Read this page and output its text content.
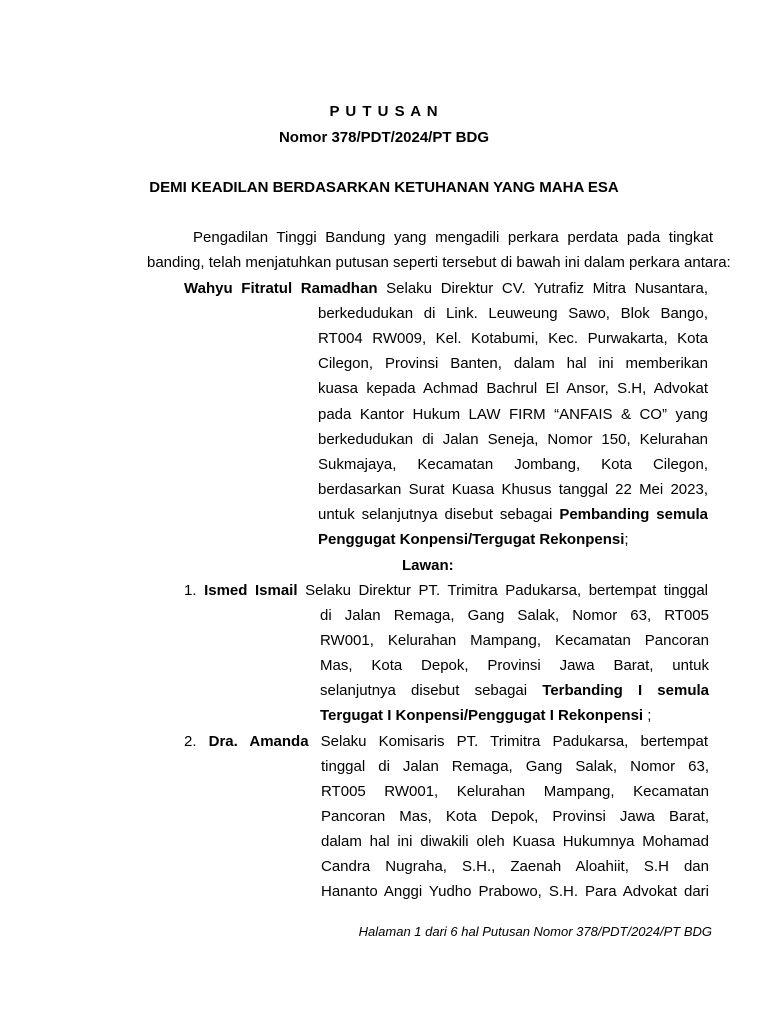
P U T U S A N
Nomor 378/PDT/2024/PT BDG
DEMI KEADILAN BERDASARKAN KETUHANAN YANG MAHA ESA
Pengadilan Tinggi Bandung yang mengadili perkara perdata pada tingkat
banding, telah menjatuhkan putusan seperti tersebut di bawah ini dalam perkara antara:
Wahyu Fitratul Ramadhan Selaku Direktur CV. Yutrafiz Mitra Nusantara,
berkedudukan di Link. Leuweung Sawo, Blok Bango,
RT004 RW009, Kel. Kotabumi, Kec. Purwakarta, Kota
Cilegon, Provinsi Banten, dalam hal ini memberikan
kuasa kepada Achmad Bachrul El Ansor, S.H, Advokat
pada Kantor Hukum LAW FIRM “ANFAIS & CO” yang
berkedudukan di Jalan Seneja, Nomor 150, Kelurahan
Sukmajaya, Kecamatan Jombang, Kota Cilegon,
berdasarkan Surat Kuasa Khusus tanggal 22 Mei 2023,
untuk selanjutnya disebut sebagai Pembanding semula
Penggugat Konpensi/Tergugat Rekonpensi;
Lawan:
1. Ismed Ismail Selaku Direktur PT. Trimitra Padukarsa, bertempat tinggal
di Jalan Remaga, Gang Salak, Nomor 63, RT005
RW001, Kelurahan Mampang, Kecamatan Pancoran
Mas, Kota Depok, Provinsi Jawa Barat, untuk
selanjutnya disebut sebagai Terbanding I semula
Tergugat I Konpensi/Penggugat I Rekonpensi ;
2. Dra. Amanda Selaku Komisaris PT. Trimitra Padukarsa, bertempat
tinggal di Jalan Remaga, Gang Salak, Nomor 63,
RT005 RW001, Kelurahan Mampang, Kecamatan
Pancoran Mas, Kota Depok, Provinsi Jawa Barat,
dalam hal ini diwakili oleh Kuasa Hukumnya Mohamad
Candra Nugraha, S.H., Zaenah Aloahiit, S.H dan
Hananto Anggi Yudho Prabowo, S.H. Para Advokat dari
Halaman 1 dari 6 hal Putusan Nomor 378/PDT/2024/PT BDG
